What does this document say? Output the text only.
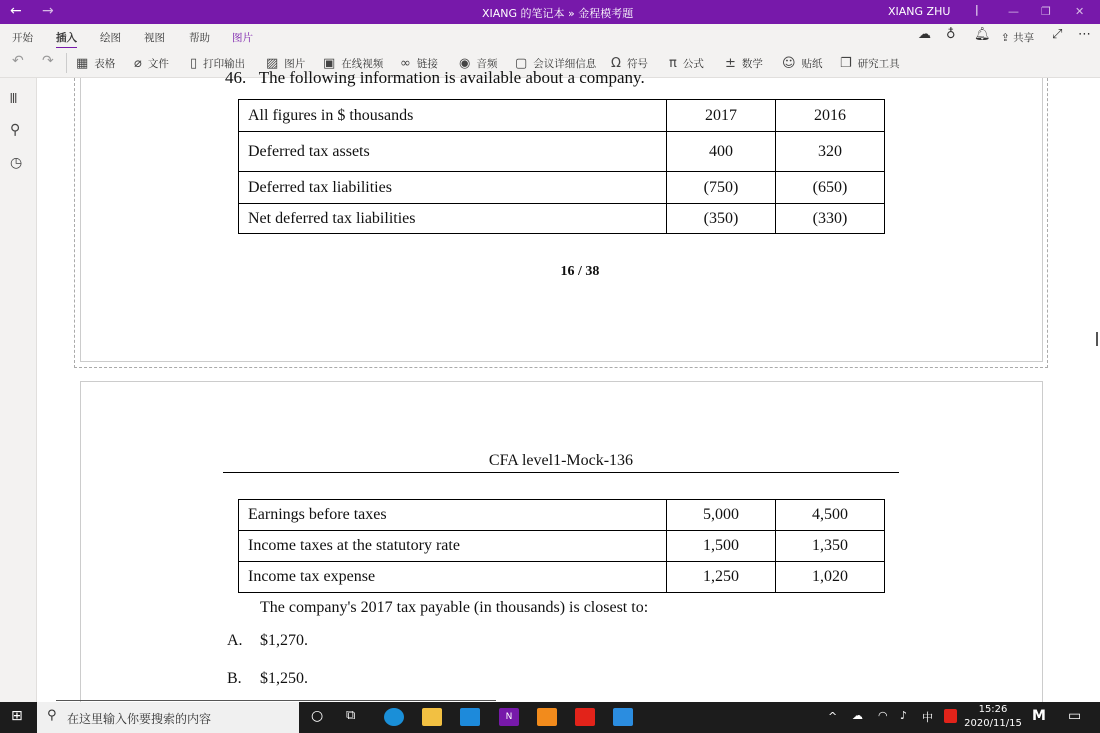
← →	XIANG 的笔记本 » 金程模考题	XIANG ZHU |	— ❐ ✕
开始 插入 绘图 视图 帮助 图片	☁ ♁ 🔔︎ ⇪ 共享 ⤢ ⋯
↶ ↷ ▦ 表格 ⌀ 文件 ▯ 打印输出 ▨ 图片 ▣ 在线视频 ∞ 链接 ◉ 音频 ▢ 会议详细信息 Ω 符号 π 公式 ± 数学 ☺ 贴纸 ❐ 研究工具
𝍫
⚲
◷
46.   The following information is available about a company.
All figures in $ thousands	2017	2016
Deferred tax assets	400	320
Deferred tax liabilities	(750)	(650)
Net deferred tax liabilities	(350)	(330)
16 / 38
CFA level1-Mock-136
Earnings before taxes	5,000	4,500
Income taxes at the statutory rate	1,500	1,350
Income tax expense	1,250	1,020
The company's 2017 tax payable (in thousands) is closest to:
A. $1,270.
B. $1,250.
⊞ ⚲ 在这里输入你要搜索的内容	○ ⧉	N	^ ☁ ◠ ♪ 中
15:26
2020/11/15 M ▭
